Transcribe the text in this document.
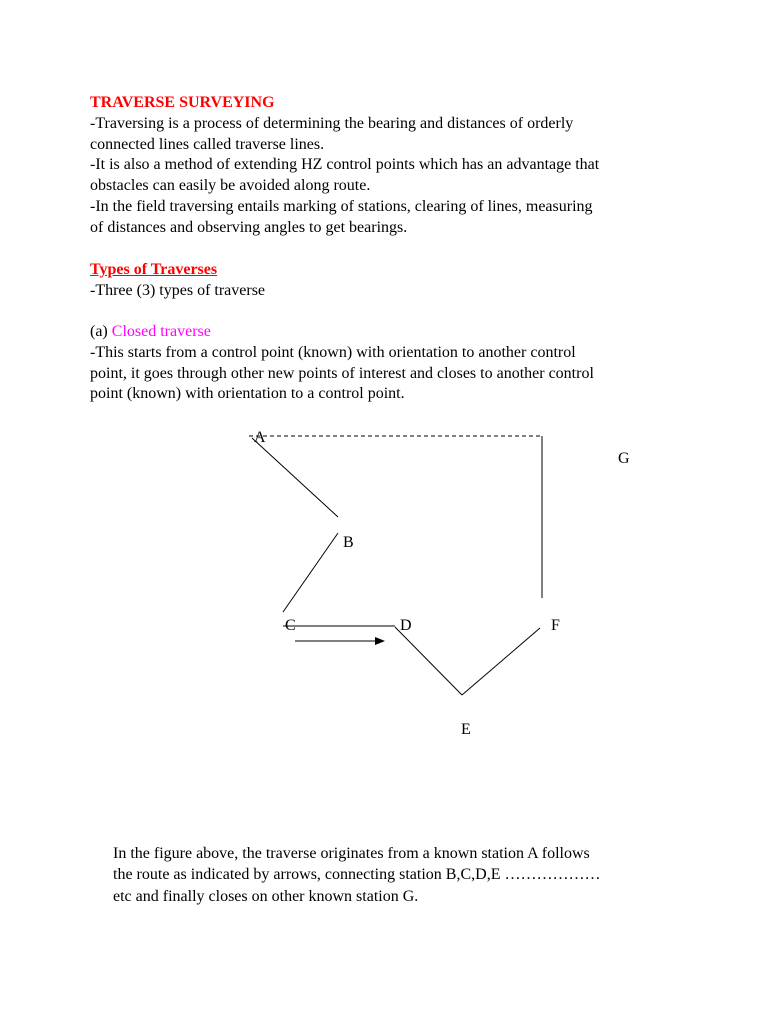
TRAVERSE SURVEYING
-Traversing is a process of determining the bearing and distances of orderly
connected lines called traverse lines.
-It is also a method of extending HZ control points which has an advantage that
obstacles can easily be avoided along route.
-In the field traversing entails marking of stations, clearing of lines, measuring
of distances and observing angles to get bearings.
Types of Traverses
-Three (3) types of traverse
(a) Closed traverse
-This starts from a control point (known) with orientation to another control
point, it goes through other new points of interest and closes to another control
point (known) with orientation to a control point.
A
B
C	D
E
F
G
In the figure above, the traverse originates from a known station A follows
the route as indicated by arrows, connecting station B,C,D,E ………………
etc and finally closes on other known station G.
